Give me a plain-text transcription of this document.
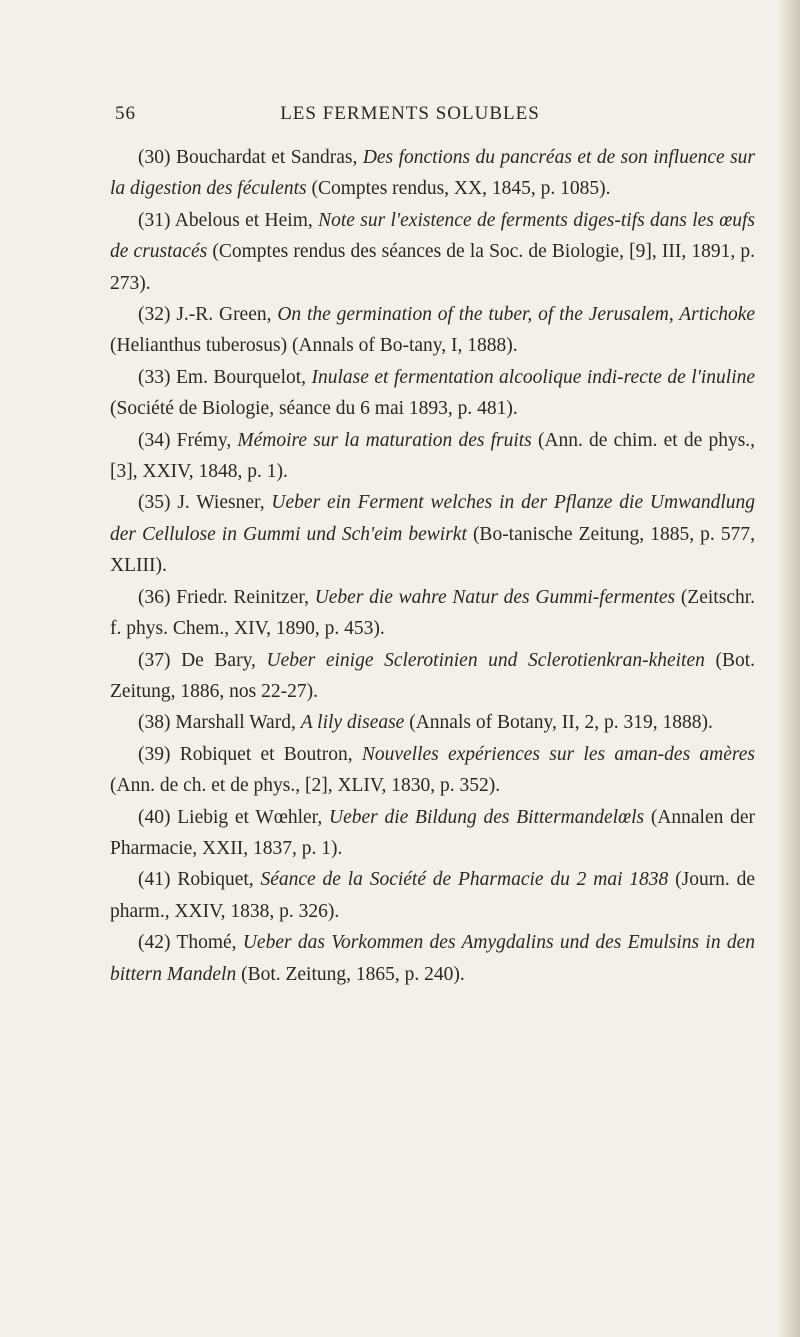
56	LES FERMENTS SOLUBLES

(30) Bouchardat et Sandras, Des fonctions du pancréas et de son influence sur la digestion des féculents (Comptes rendus, XX, 1845, p. 1085).

(31) Abelous et Heim, Note sur l'existence de ferments diges-tifs dans les œufs de crustacés (Comptes rendus des séances de la Soc. de Biologie, [9], III, 1891, p. 273).

(32) J.-R. Green, On the germination of the tuber, of the Jerusalem, Artichoke (Helianthus tuberosus) (Annals of Bo-tany, I, 1888).

(33) Em. Bourquelot, Inulase et fermentation alcoolique indi-recte de l'inuline (Société de Biologie, séance du 6 mai 1893, p. 481).

(34) Frémy, Mémoire sur la maturation des fruits (Ann. de chim. et de phys., [3], XXIV, 1848, p. 1).

(35) J. Wiesner, Ueber ein Ferment welches in der Pflanze die Umwandlung der Cellulose in Gummi und Sch'eim bewirkt (Bo-tanische Zeitung, 1885, p. 577, XLIII).

(36) Friedr. Reinitzer, Ueber die wahre Natur des Gummi-fermentes (Zeitschr. f. phys. Chem., XIV, 1890, p. 453).

(37) De Bary, Ueber einige Sclerotinien und Sclerotienkran-kheiten (Bot. Zeitung, 1886, nos 22-27).

(38) Marshall Ward, A lily disease (Annals of Botany, II, 2, p. 319, 1888).

(39) Robiquet et Boutron, Nouvelles expériences sur les aman-des amères (Ann. de ch. et de phys., [2], XLIV, 1830, p. 352).

(40) Liebig et Wœhler, Ueber die Bildung des Bittermandelœls (Annalen der Pharmacie, XXII, 1837, p. 1).

(41) Robiquet, Séance de la Société de Pharmacie du 2 mai 1838 (Journ. de pharm., XXIV, 1838, p. 326).

(42) Thomé, Ueber das Vorkommen des Amygdalins und des Emulsins in den bittern Mandeln (Bot. Zeitung, 1865, p. 240).
